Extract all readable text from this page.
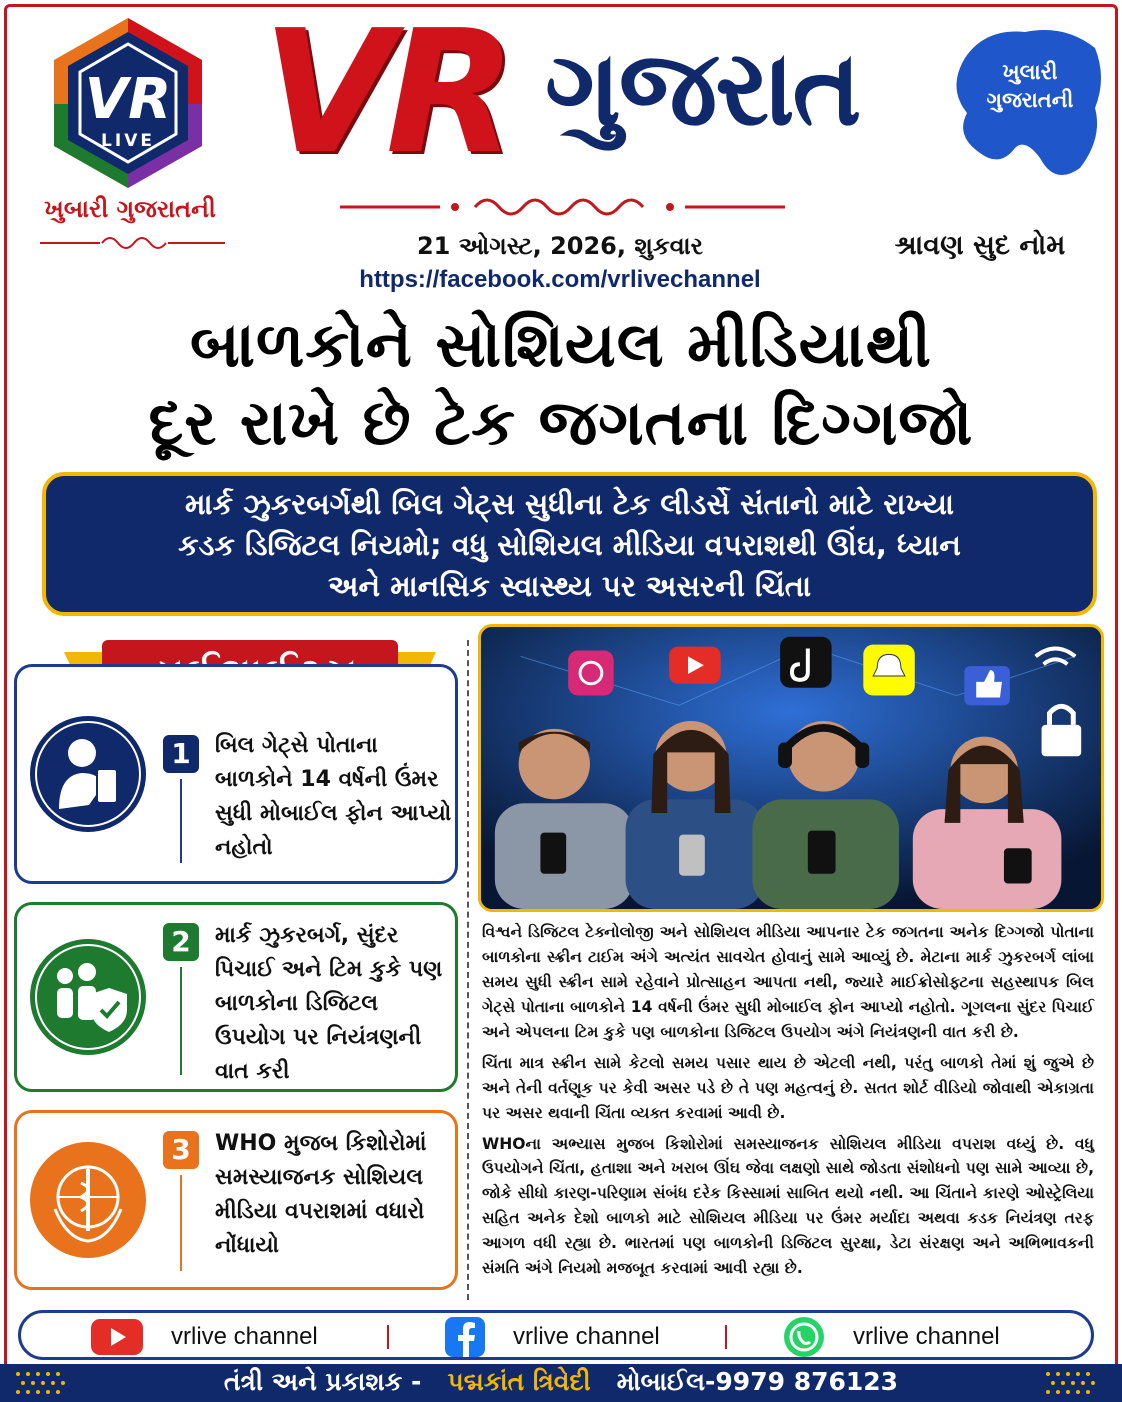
VR
LIVE
ખુબારી ગુજરાતની
VR ગુજરાત	ખુલારી
ગુજરાતની
21 ઓગસ્ટ, 2026, શુકવાર
https://facebook.com/vrlivechannel
શ્રાવણ સુદ નોમ
બાળકોને સોશિયલ મીડિયાથી
દૂર રાખે છે ટેક જગતના દિગ્ગજો
માર્ક ઝુકરબર્ગથી બિલ ગેટ્સ સુધીના ટેક લીડર્સે સંતાનો માટે રાખ્યા
કડક ડિજિટલ નિયમો; વધુ સોશિયલ મીડિયા વપરાશથી ઊંઘ, ધ્યાન
અને માનસિક સ્વાસ્થ્ય પર અસરની ચિંતા
1	બિલ ગેટ્સે પોતાના બાળકોને 14 વર્ષની ઉંમર સુધી મોબાઈલ ફોન આપ્યો નહોતો
2	માર્ક ઝુકરબર્ગ, સુંદર પિચાઈ અને ટિમ કુકે પણ બાળકોના ડિજિટલ ઉપયોગ પર નિયંત્રણની વાત કરી
3	WHO મુજબ કિશોરોમાં સમસ્યાજનક સોશિયલ મીડિયા વપરાશમાં વધારો નોંધાયો

વિશ્વને ડિજિટલ ટેક્નોલોજી અને સોશિયલ મીડિયા આપનાર ટેક જગતના અનેક દિગ્ગજો પોતાના બાળકોના સ્ક્રીન ટાઈમ અંગે અત્યંત સાવચેત હોવાનું સામે આવ્યું છે. મેટાના માર્ક ઝુકરબર્ગ લાંબા સમય સુધી સ્ક્રીન સામે રહેવાને પ્રોત્સાહન આપતા નથી, જ્યારે માઈક્રોસોફ્ટના સહસ્થાપક બિલ ગેટ્સે પોતાના બાળકોને 14 વર્ષની ઉંમર સુધી મોબાઈલ ફોન આપ્યો નહોતો. ગૂગલના સુંદર પિચાઈ અને એપલના ટિમ કુકે પણ બાળકોના ડિજિટલ ઉપયોગ અંગે નિયંત્રણની વાત કરી છે.

ચિંતા માત્ર સ્ક્રીન સામે કેટલો સમય પસાર થાય છે એટલી નથી, પરંતુ બાળકો તેમાં શું જુએ છે અને તેની વર્તણૂક પર કેવી અસર પડે છે તે પણ મહત્વનું છે. સતત શોર્ટ વીડિયો જોવાથી એકાગ્રતા પર અસર થવાની ચિંતા વ્યક્ત કરવામાં આવી છે.

WHOના અભ્યાસ મુજબ કિશોરોમાં સમસ્યાજનક સોશિયલ મીડિયા વપરાશ વધ્યું છે. વધુ ઉપયોગને ચિંતા, હતાશા અને ખરાબ ઊંઘ જેવા લક્ષણો સાથે જોડતા સંશોધનો પણ સામે આવ્યા છે, જોકે સીધો કારણ-પરિણામ સંબંધ દરેક કિસ્સામાં સાબિત થયો નથી. આ ચિંતાને કારણે ઓસ્ટ્રેલિયા સહિત અનેક દેશો બાળકો માટે સોશિયલ મીડિયા પર ઉંમર મર્યાદા અથવા કડક નિયંત્રણ તરફ આગળ વધી રહ્યા છે. ભારતમાં પણ બાળકોની ડિજિટલ સુરક્ષા, ડેટા સંરક્ષણ અને અભિભાવકની સંમતિ અંગે નિયમો મજબૂત કરવામાં આવી રહ્યા છે.

vrlive channel	vrlive channel	vrlive channel
તંત્રી અને પ્રકાશક - પદ્મકાંત ત્રિવેદી મોબાઈલ-9979 876123
